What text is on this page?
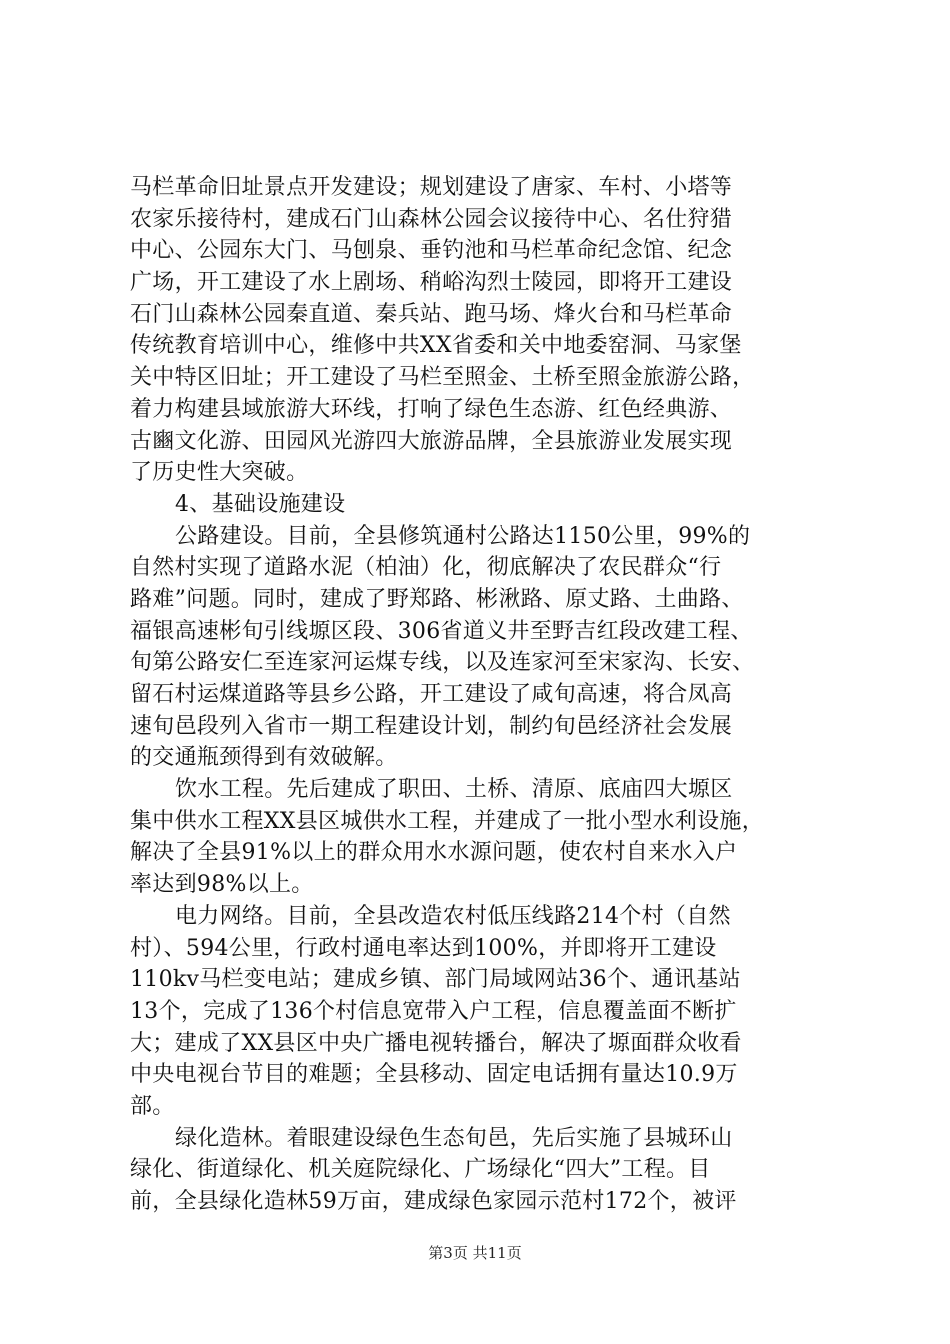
马栏革命旧址景点开发建设；规划建设了唐家、车村、小塔等
农家乐接待村，建成石门山森林公园会议接待中心、名仕狩猎
中心、公园东大门、马刨泉、垂钓池和马栏革命纪念馆、纪念
广场，开工建设了水上剧场、稍峪沟烈士陵园，即将开工建设
石门山森林公园秦直道、秦兵站、跑马场、烽火台和马栏革命
传统教育培训中心，维修中共XX省委和关中地委窑洞、马家堡
关中特区旧址；开工建设了马栏至照金、土桥至照金旅游公路，
着力构建县域旅游大环线，打响了绿色生态游、红色经典游、
古豳文化游、田园风光游四大旅游品牌，全县旅游业发展实现
了历史性大突破。
4、基础设施建设
公路建设。目前，全县修筑通村公路达1150公里，99%的
自然村实现了道路水泥（柏油）化，彻底解决了农民群众“行
路难”问题。同时，建成了野郑路、彬湫路、原丈路、土曲路、
福银高速彬旬引线塬区段、306省道义井至野吉红段改建工程、
旬第公路安仁至连家河运煤专线，以及连家河至宋家沟、长安、
留石村运煤道路等县乡公路，开工建设了咸旬高速，将合凤高
速旬邑段列入省市一期工程建设计划，制约旬邑经济社会发展
的交通瓶颈得到有效破解。
饮水工程。先后建成了职田、土桥、清原、底庙四大塬区
集中供水工程XX县区城供水工程，并建成了一批小型水利设施，
解决了全县91%以上的群众用水水源问题，使农村自来水入户
率达到98%以上。
电力网络。目前，全县改造农村低压线路214个村（自然
村）、594公里，行政村通电率达到100%，并即将开工建设
110kv马栏变电站；建成乡镇、部门局域网站36个、通讯基站
13个，完成了136个村信息宽带入户工程，信息覆盖面不断扩
大；建成了XX县区中央广播电视转播台，解决了塬面群众收看
中央电视台节目的难题；全县移动、固定电话拥有量达10.9万
部。
绿化造林。着眼建设绿色生态旬邑，先后实施了县城环山
绿化、街道绿化、机关庭院绿化、广场绿化“四大”工程。目
前，全县绿化造林59万亩，建成绿色家园示范村172个，被评
第3页 共11页
